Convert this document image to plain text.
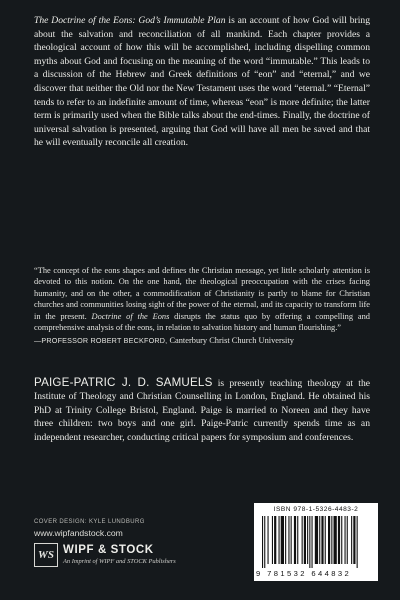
The Doctrine of the Eons: God’s Immutable Plan is an account of how God will bring about the salvation and reconciliation of all mankind. Each chapter provides a theological account of how this will be accomplished, including dispelling common myths about God and focusing on the meaning of the word “immutable.” This leads to a discussion of the Hebrew and Greek definitions of “eon” and “eternal,” and we discover that neither the Old nor the New Testament uses the word “eternal.” “Eternal” tends to refer to an indefinite amount of time, whereas “eon” is more definite; the latter term is primarily used when the Bible talks about the end-times. Finally, the doctrine of universal salvation is presented, arguing that God will have all men be saved and that he will eventually reconcile all creation.

“The concept of the eons shapes and defines the Christian message, yet little scholarly attention is devoted to this notion. On the one hand, the theological preoccupation with the crises facing humanity, and on the other, a commodification of Christianity is partly to blame for Christian churches and communities losing sight of the power of the eternal, and its capacity to transform life in the present. Doctrine of the Eons disrupts the status quo by offering a compelling and comprehensive analysis of the eons, in relation to salvation history and human flourishing.”

—PROFESSOR ROBERT BECKFORD, Canterbury Christ Church University

PAIGE-PATRIC J. D. SAMUELS is presently teaching theology at the Institute of Theology and Christian Counselling in London, England. He obtained his PhD at Trinity College Bristol, England. Paige is married to Noreen and they have three children: two boys and one girl. Paige-Patric currently spends time as an independent researcher, conducting critical papers for symposium and conferences.

COVER DESIGN: KYLE LUNDBURG
www.wipfandstock.com
WS WIPF & STOCK
An Imprint of WIPF and STOCK Publishers
ISBN 978-1-5326-4483-2
9 781532 644832
